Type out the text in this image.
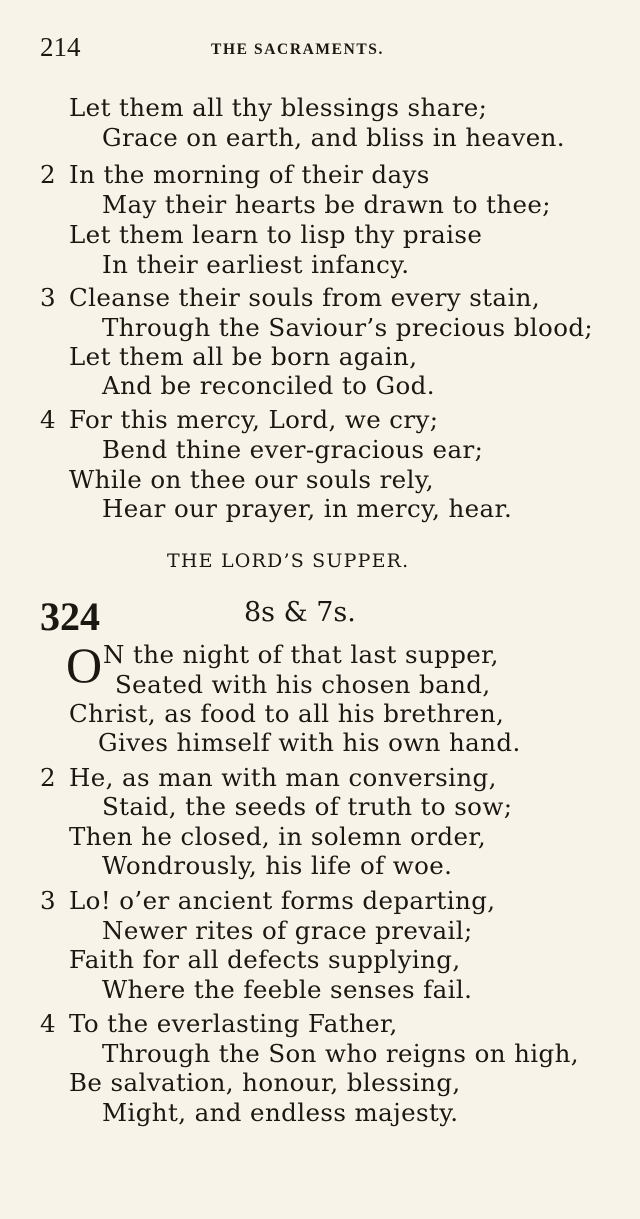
214	THE SACRAMENTS.
Let them all thy blessings share;
Grace on earth, and bliss in heaven.
2 In the morning of their days
May their hearts be drawn to thee;
Let them learn to lisp thy praise
In their earliest infancy.
3 Cleanse their souls from every stain,
Through the Saviour’s precious blood;
Let them all be born again,
And be reconciled to God.
4 For this mercy, Lord, we cry;
Bend thine ever-gracious ear;
While on thee our souls rely,
Hear our prayer, in mercy, hear.
THE LORD’S SUPPER.
324	8s & 7s.
O N the night of that last supper,
Seated with his chosen band,
Christ, as food to all his brethren,
Gives himself with his own hand.
2 He, as man with man conversing,
Staid, the seeds of truth to sow;
Then he closed, in solemn order,
Wondrously, his life of woe.
3 Lo! o’er ancient forms departing,
Newer rites of grace prevail;
Faith for all defects supplying,
Where the feeble senses fail.
4 To the everlasting Father,
Through the Son who reigns on high,
Be salvation, honour, blessing,
Might, and endless majesty.
